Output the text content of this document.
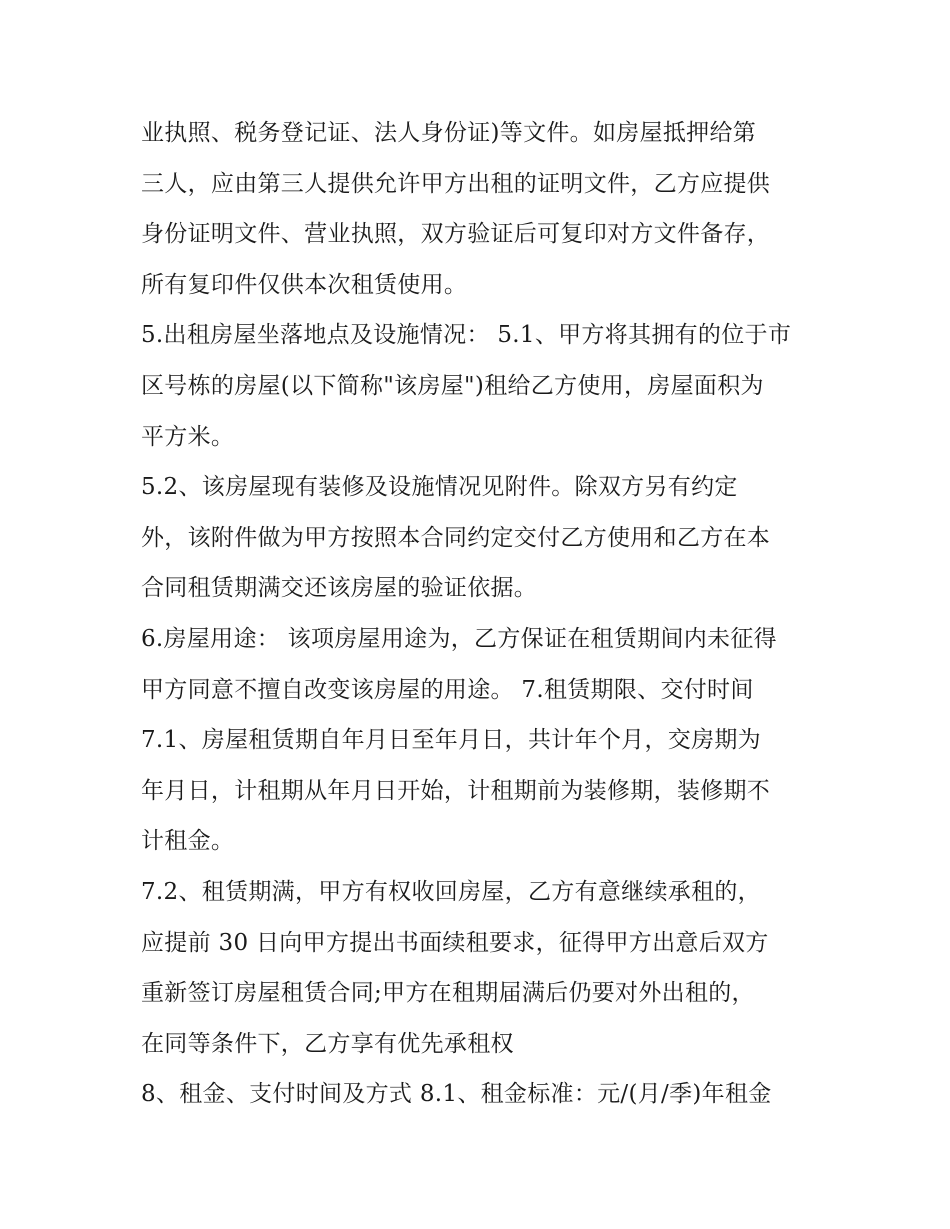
业执照、税务登记证、法人身份证)等文件。如房屋抵押给第
三人，应由第三人提供允许甲方出租的证明文件，乙方应提供
身份证明文件、营业执照，双方验证后可复印对方文件备存，
所有复印件仅供本次租赁使用。
5.出租房屋坐落地点及设施情况： 5.1、甲方将其拥有的位于市
区号栋的房屋(以下简称"该房屋")租给乙方使用，房屋面积为
平方米。
5.2、该房屋现有装修及设施情况见附件。除双方另有约定
外，该附件做为甲方按照本合同约定交付乙方使用和乙方在本
合同租赁期满交还该房屋的验证依据。
6.房屋用途： 该项房屋用途为，乙方保证在租赁期间内未征得
甲方同意不擅自改变该房屋的用途。 7.租赁期限、交付时间
7.1、房屋租赁期自年月日至年月日，共计年个月，交房期为
年月日，计租期从年月日开始，计租期前为装修期，装修期不
计租金。
7.2、租赁期满，甲方有权收回房屋，乙方有意继续承租的，
应提前 30 日向甲方提出书面续租要求，征得甲方出意后双方
重新签订房屋租赁合同;甲方在租期届满后仍要对外出租的，
在同等条件下，乙方享有优先承租权
8、租金、支付时间及方式 8.1、租金标准：元/(月/季)年租金
